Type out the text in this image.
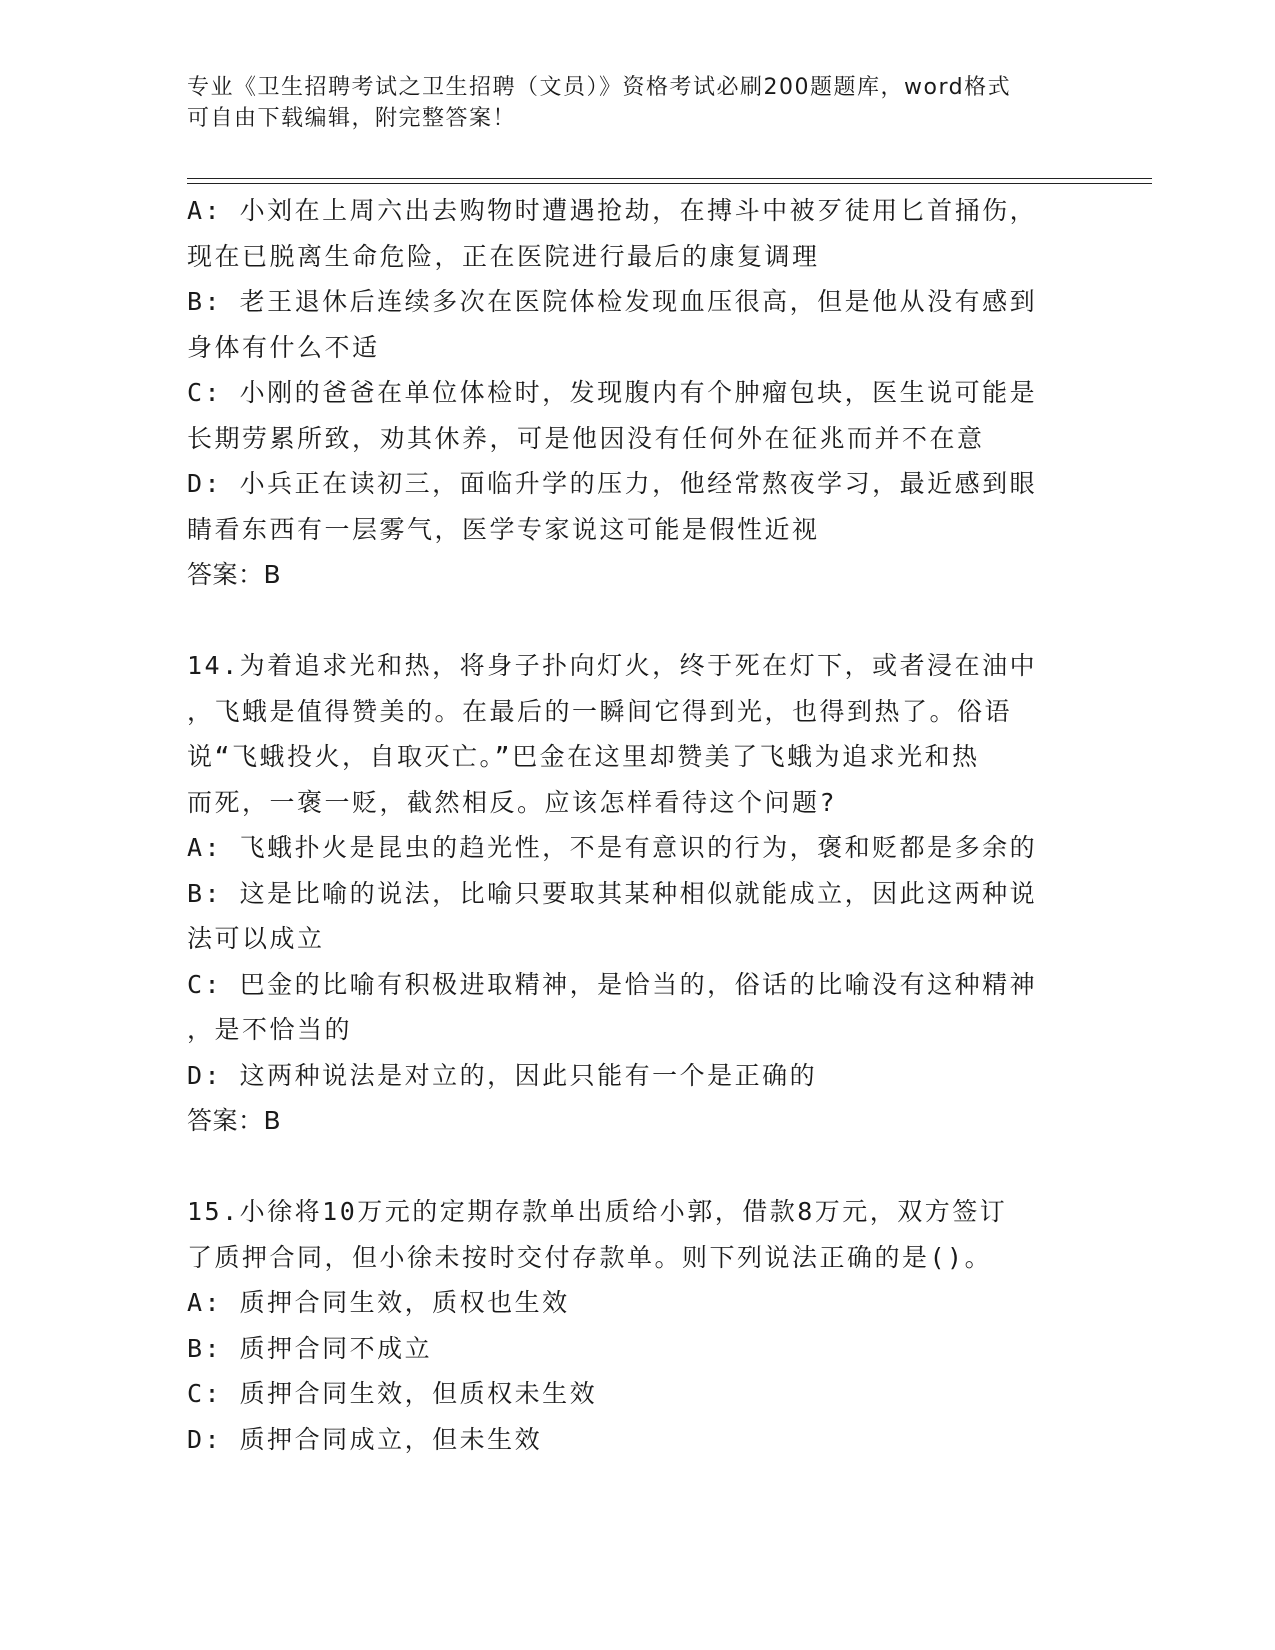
专业《卫生招聘考试之卫生招聘（文员）》资格考试必刷200题题库，word格式
可自由下载编辑，附完整答案！
A: 小刘在上周六出去购物时遭遇抢劫，在搏斗中被歹徒用匕首捅伤，
现在已脱离生命危险，正在医院进行最后的康复调理
B: 老王退休后连续多次在医院体检发现血压很高，但是他从没有感到
身体有什么不适
C: 小刚的爸爸在单位体检时，发现腹内有个肿瘤包块，医生说可能是
长期劳累所致，劝其休养，可是他因没有任何外在征兆而并不在意
D: 小兵正在读初三，面临升学的压力，他经常熬夜学习，最近感到眼
睛看东西有一层雾气，医学专家说这可能是假性近视
答案：B
14.为着追求光和热，将身子扑向灯火，终于死在灯下，或者浸在油中
，飞蛾是值得赞美的。在最后的一瞬间它得到光，也得到热了。俗语
说“飞蛾投火，自取灭亡。”巴金在这里却赞美了飞蛾为追求光和热
而死，一褒一贬，截然相反。应该怎样看待这个问题?
A: 飞蛾扑火是昆虫的趋光性，不是有意识的行为，褒和贬都是多余的
B: 这是比喻的说法，比喻只要取其某种相似就能成立，因此这两种说
法可以成立
C: 巴金的比喻有积极进取精神，是恰当的，俗话的比喻没有这种精神
，是不恰当的
D: 这两种说法是对立的，因此只能有一个是正确的
答案：B
15.小徐将10万元的定期存款单出质给小郭，借款8万元，双方签订
了质押合同，但小徐未按时交付存款单。则下列说法正确的是()。
A: 质押合同生效，质权也生效
B: 质押合同不成立
C: 质押合同生效，但质权未生效
D: 质押合同成立，但未生效
